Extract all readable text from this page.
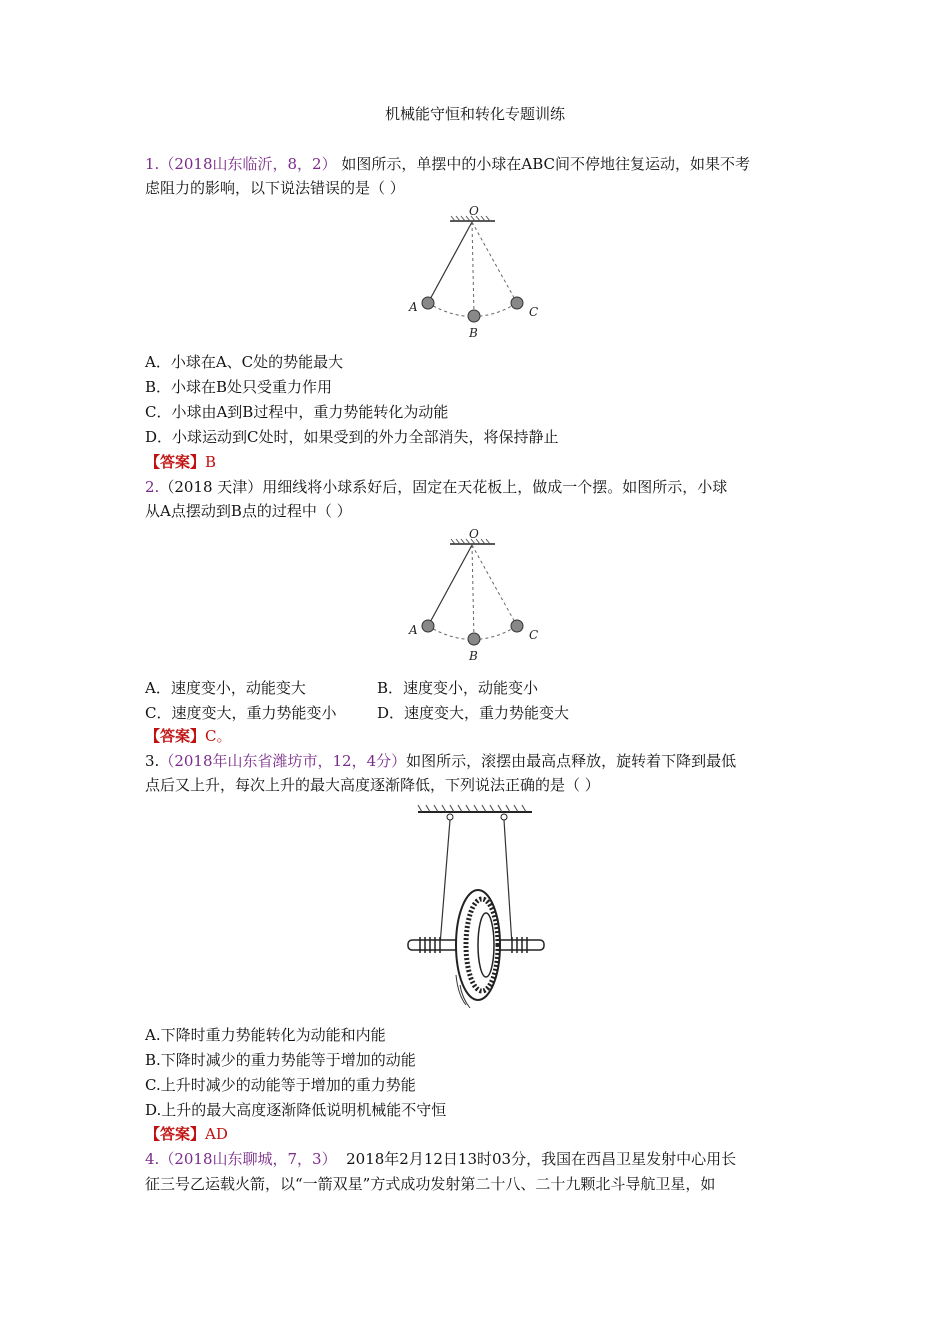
机械能守恒和转化专题训练
1.（2018山东临沂，8，2） 如图所示，单摆中的小球在ABC间不停地往复运动，如果不考
虑阻力的影响，以下说法错误的是（ ）
O
A
B
C
A．小球在A、C处的势能最大
B．小球在B处只受重力作用
C．小球由A到B过程中，重力势能转化为动能
D．小球运动到C处时，如果受到的外力全部消失，将保持静止
【答案】B
2.（2018 天津）用细线将小球系好后，固定在天花板上，做成一个摆。如图所示，小球
从A点摆动到B点的过程中（ ）
O
A
B
C
A．速度变小，动能变大	B．速度变小，动能变小
C．速度变大，重力势能变小	D．速度变大，重力势能变大
【答案】C。
3.（2018年山东省潍坊市，12，4分）如图所示，滚摆由最高点释放，旋转着下降到最低
点后又上升，每次上升的最大高度逐渐降低，下列说法正确的是（ ）
A.下降时重力势能转化为动能和内能
B.下降时减少的重力势能等于增加的动能
C.上升时减少的动能等于增加的重力势能
D.上升的最大高度逐渐降低说明机械能不守恒
【答案】AD
4.（2018山东聊城，7，3）  2018年2月12日13时03分，我国在西昌卫星发射中心用长
征三号乙运载火箭，以“一箭双星”方式成功发射第二十八、二十九颗北斗导航卫星，如
